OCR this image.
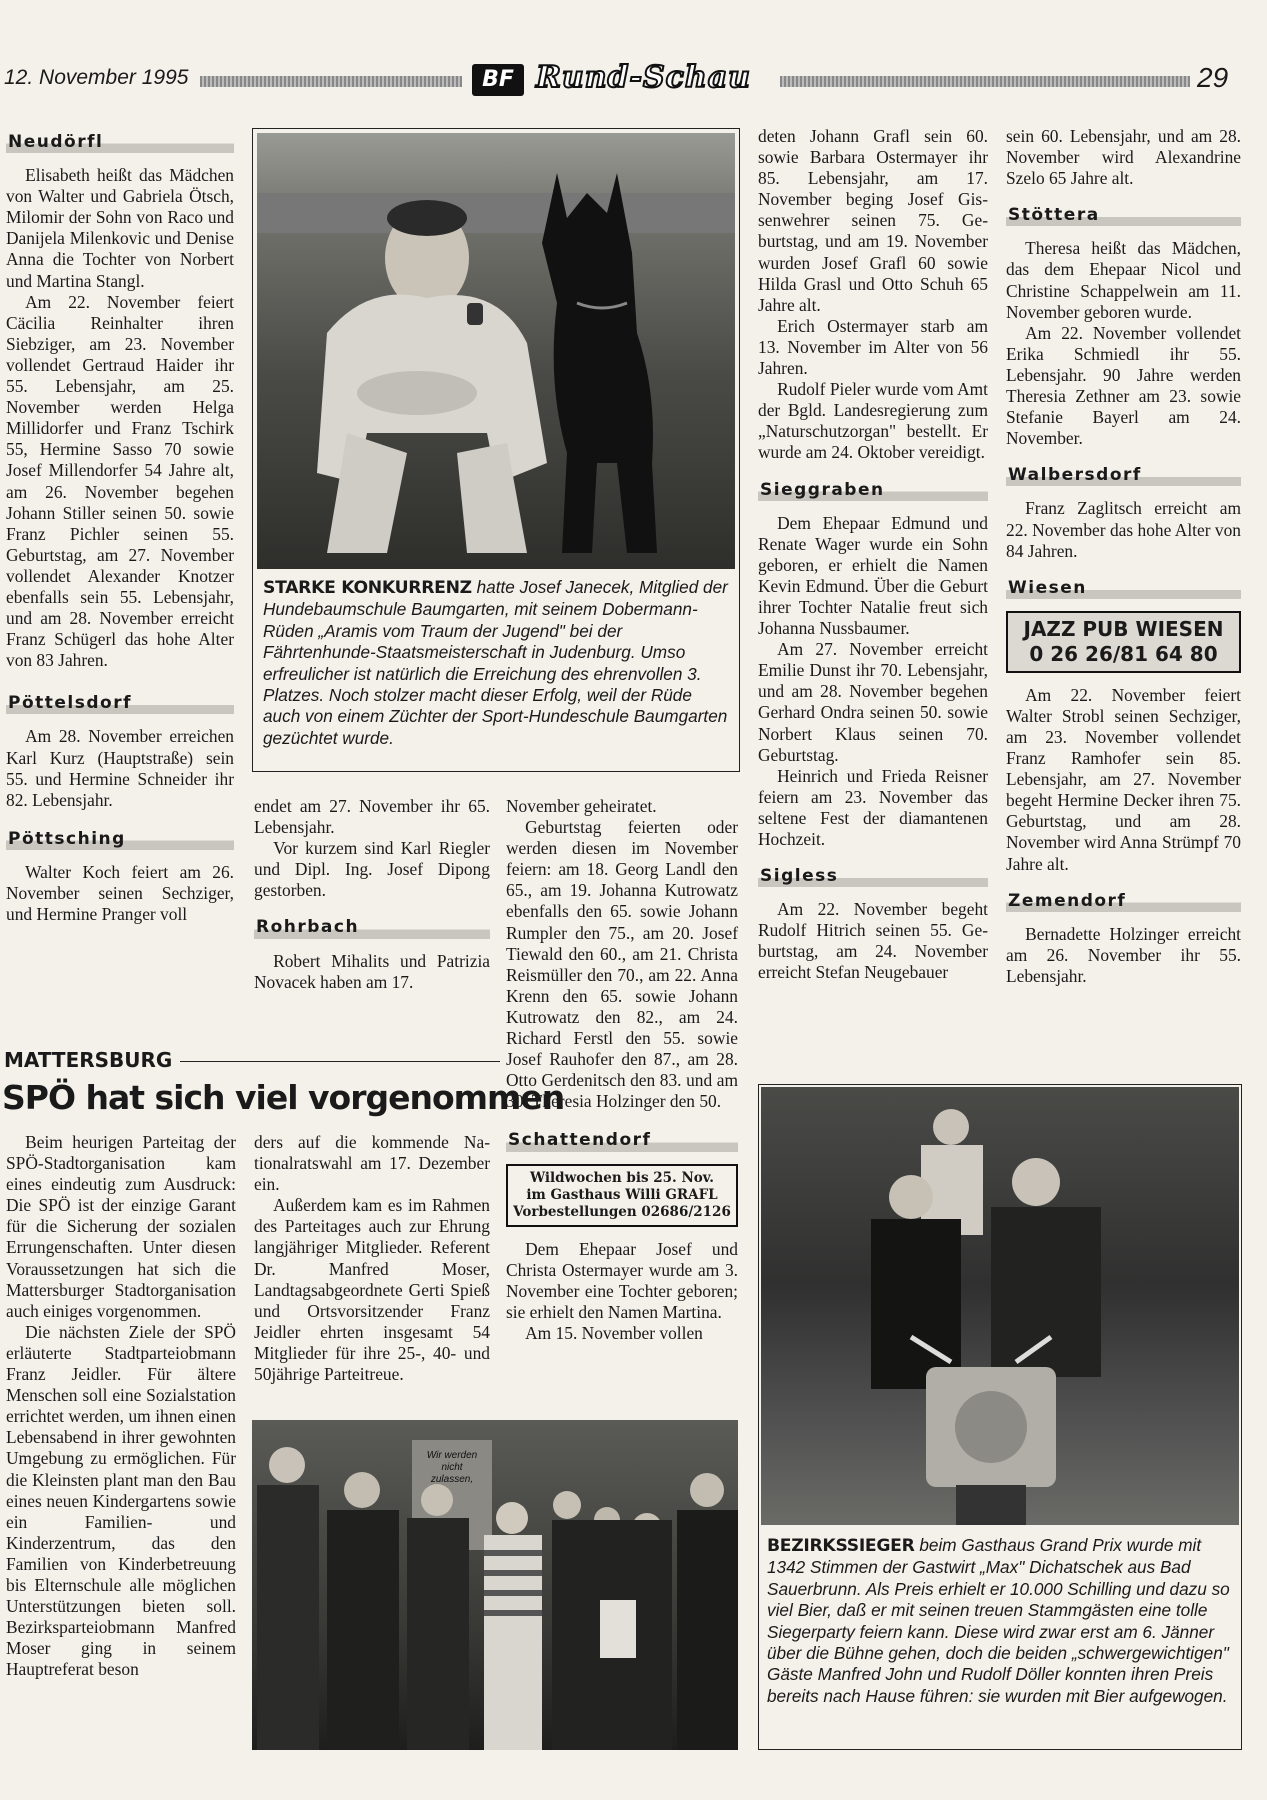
12. November 1995	BF Rund-Schau	29
Neudörfl

Elisabeth heißt das Mädchen von Walter und Gabriela Ötsch, Milomir der Sohn von Raco und Danijela Milenkovic und Denise Anna die Tochter von Norbert und Martina Stangl.

Am 22. November feiert Cäcilia Reinhalter ihren Siebziger, am 23. November vollendet Gertraud Haider ihr 55. Lebensjahr, am 25. November werden Helga Millidorfer und Franz Tschirk 55, Hermine Sasso 70 sowie Josef Millendorfer 54 Jahre alt, am 26. November begehen Johann Stiller seinen 50. sowie Franz Pichler seinen 55. Geburtstag, am 27. November vollendet Alexander Knotzer ebenfalls sein 55. Lebensjahr, und am 28. November erreicht Franz Schügerl das hohe Alter von 83 Jahren.

Pöttelsdorf

Am 28. November erreichen Karl Kurz (Hauptstraße) sein 55. und Hermine Schneider ihr 82. Lebensjahr.

Pöttsching

Walter Koch feiert am 26. November seinen Sechziger, und Hermine Pranger voll

STARKE KONKURRENZ hatte Josef Janecek, Mitglied der Hundebaumschule Baumgarten, mit seinem Dobermann-Rüden „Aramis vom Traum der Jugend" bei der Fährtenhunde-Staatsmeisterschaft in Judenburg. Umso erfreulicher ist natürlich die Erreichung des ehrenvollen 3. Platzes. Noch stolzer macht dieser Erfolg, weil der Rüde auch von einem Züchter der Sport-Hundeschule Baumgarten gezüchtet wurde.

endet am 27. November ihr 65. Lebensjahr.

Vor kurzem sind Karl Riegler und Dipl. Ing. Josef Dipong gestorben.

Rohrbach

Robert Mihalits und Patrizia Novacek haben am 17.

November geheiratet.

Geburtstag feierten oder werden diesen im November feiern: am 18. Georg Landl den 65., am 19. Johanna Kutrowatz ebenfalls den 65. sowie Johann Rumpler den 75., am 20. Josef Tiewald den 60., am 21. Christa Reismüller den 70., am 22. Anna Krenn den 65. sowie Johann Kutrowatz den 82., am 24. Richard Ferstl den 55. sowie Josef Rauhofer den 87., am 28. Otto Gerdenitsch den 83. und am 30. Theresia Holzinger den 50.

Schattendorf
Wildwochen bis 25. Nov.
im Gasthaus Willi GRAFL
Vorbestellungen 02686/2126

Dem Ehepaar Josef und Christa Ostermayer wurde am 3. November eine Tochter geboren; sie erhielt den Namen Martina.

Am 15. November vollen

deten Johann Grafl sein 60. sowie Barbara Ostermayer ihr 85. Lebensjahr, am 17. November beging Josef Gissenwehrer seinen 75. Geburtstag, und am 19. November wurden Josef Grafl 60 sowie Hilda Grasl und Otto Schuh 65 Jahre alt.

Erich Ostermayer starb am 13. November im Alter von 56 Jahren.

Rudolf Pieler wurde vom Amt der Bgld. Landesregierung zum „Naturschutzorgan" bestellt. Er wurde am 24. Oktober vereidigt.

Sieggraben

Dem Ehepaar Edmund und Renate Wager wurde ein Sohn geboren, er erhielt die Namen Kevin Edmund. Über die Geburt ihrer Tochter Natalie freut sich Johanna Nussbaumer.

Am 27. November erreicht Emilie Dunst ihr 70. Lebensjahr, und am 28. November begehen Gerhard Ondra seinen 50. sowie Norbert Klaus seinen 70. Geburtstag.

Heinrich und Frieda Reisner feiern am 23. November das seltene Fest der diamantenen Hochzeit.

Sigless

Am 22. November begeht Rudolf Hitrich seinen 55. Geburtstag, am 24. November erreicht Stefan Neugebauer

sein 60. Lebensjahr, und am 28. November wird Alexandrine Szelo 65 Jahre alt.

Stöttera

Theresa heißt das Mädchen, das dem Ehepaar Nicol und Christine Schappelwein am 11. November geboren wurde.

Am 22. November vollendet Erika Schmiedl ihr 55. Lebensjahr. 90 Jahre werden Theresia Zethner am 23. sowie Stefanie Bayerl am 24. November.

Walbersdorf

Franz Zaglitsch erreicht am 22. November das hohe Alter von 84 Jahren.

Wiesen
JAZZ PUB WIESEN
0 26 26/81 64 80

Am 22. November feiert Walter Strobl seinen Sechziger, am 23. November vollendet Franz Ramhofer sein 85. Lebensjahr, am 27. November begeht Hermine Decker ihren 75. Geburtstag, und am 28. November wird Anna Strümpf 70 Jahre alt.

Zemendorf

Bernadette Holzinger erreicht am 26. November ihr 55. Lebensjahr.

MATTERSBURG
SPÖ hat sich viel vorgenommen

Beim heurigen Parteitag der SPÖ-Stadtorganisation kam eines eindeutig zum Ausdruck: Die SPÖ ist der einzige Garant für die Sicherung der sozialen Errungenschaften. Unter diesen Voraussetzungen hat sich die Mattersburger Stadtorganisation auch einiges vorgenommen.

Die nächsten Ziele der SPÖ erläuterte Stadtparteiobmann Franz Jeidler. Für ältere Menschen soll eine Sozialstation errichtet werden, um ihnen einen Lebensabend in ihrer gewohnten Umgebung zu ermöglichen. Für die Kleinsten plant man den Bau eines neuen Kindergartens sowie ein Familien- und Kinderzentrum, das den Familien von Kinderbetreuung bis Elternschule alle möglichen Unterstützungen bieten soll. Bezirksparteiobmann Manfred Moser ging in seinem Hauptreferat beson

ders auf die kommende Nationalratswahl am 17. Dezember ein.

Außerdem kam es im Rahmen des Parteitages auch zur Ehrung langjähriger Mitglieder. Referent Dr. Manfred Moser, Landtagsabgeordnete Gerti Spieß und Ortsvorsitzender Franz Jeidler ehrten insgesamt 54 Mitglieder für ihre 25-, 40- und 50jährige Parteitreue.

Wir werden nicht zulassen,
BEZIRKSSIEGER beim Gasthaus Grand Prix wurde mit 1342 Stimmen der Gastwirt „Max" Dichatschek aus Bad Sauerbrunn. Als Preis erhielt er 10.000 Schilling und dazu so viel Bier, daß er mit seinen treuen Stammgästen eine tolle Siegerparty feiern kann. Diese wird zwar erst am 6. Jänner über die Bühne gehen, doch die beiden „schwergewichtigen" Gäste Manfred John und Rudolf Döller konnten ihren Preis bereits nach Hause führen: sie wurden mit Bier aufgewogen.
